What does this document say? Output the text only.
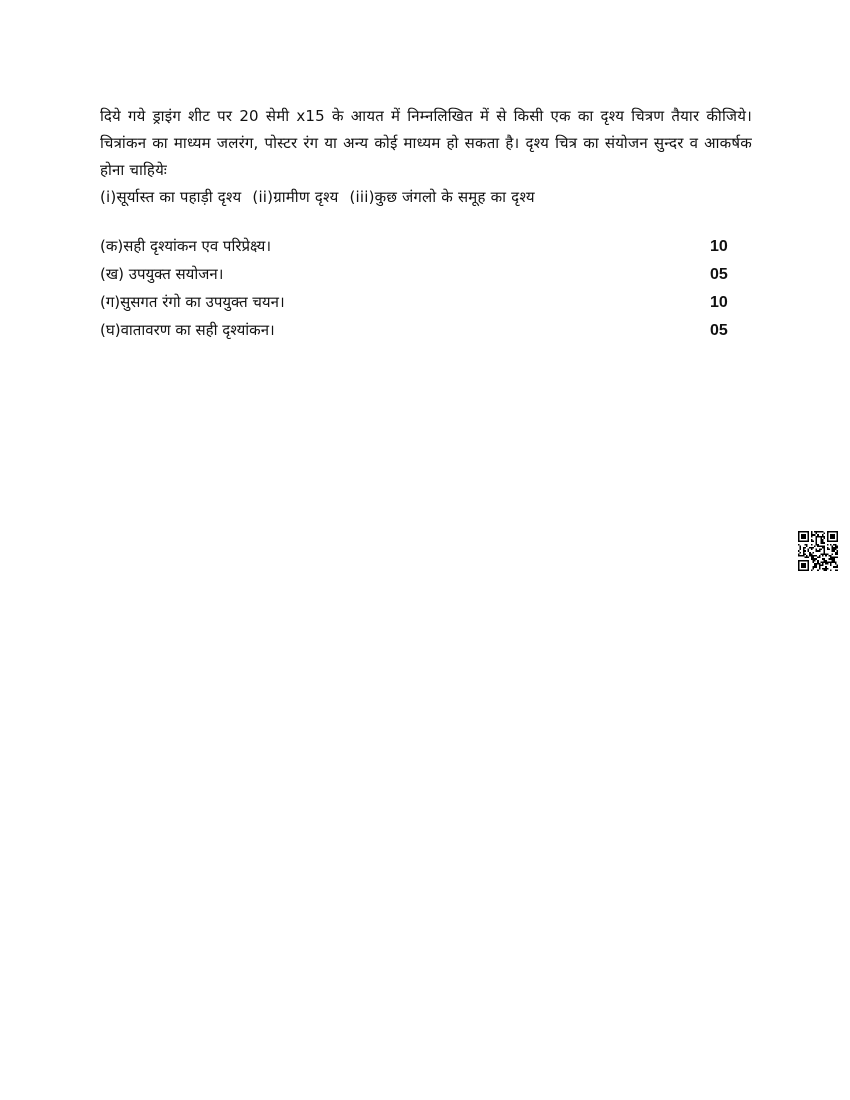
दिये गये ड्राइंग शीट पर 20 सेमी x15 के आयत में निम्नलिखित में से किसी एक का दृश्य चित्रण तैयार कीजिये। चित्रांकन का माध्यम जलरंग, पोस्टर रंग या अन्य कोई माध्यम हो सकता है। दृश्य चित्र का संयोजन सुन्दर व आकर्षक होना चाहियेः

(i)सूर्यास्त का पहाड़ी दृश्य (ii)ग्रामीण दृश्य (iii)कुछ जंगलो के समूह का दृश्य

(क)सही दृश्यांकन एव परिप्रेक्ष्य।	10
(ख) उपयुक्त सयोजन।	05
(ग)सुसगत रंगो का उपयुक्त चयन।	10
(घ)वातावरण का सही दृश्यांकन।	05
